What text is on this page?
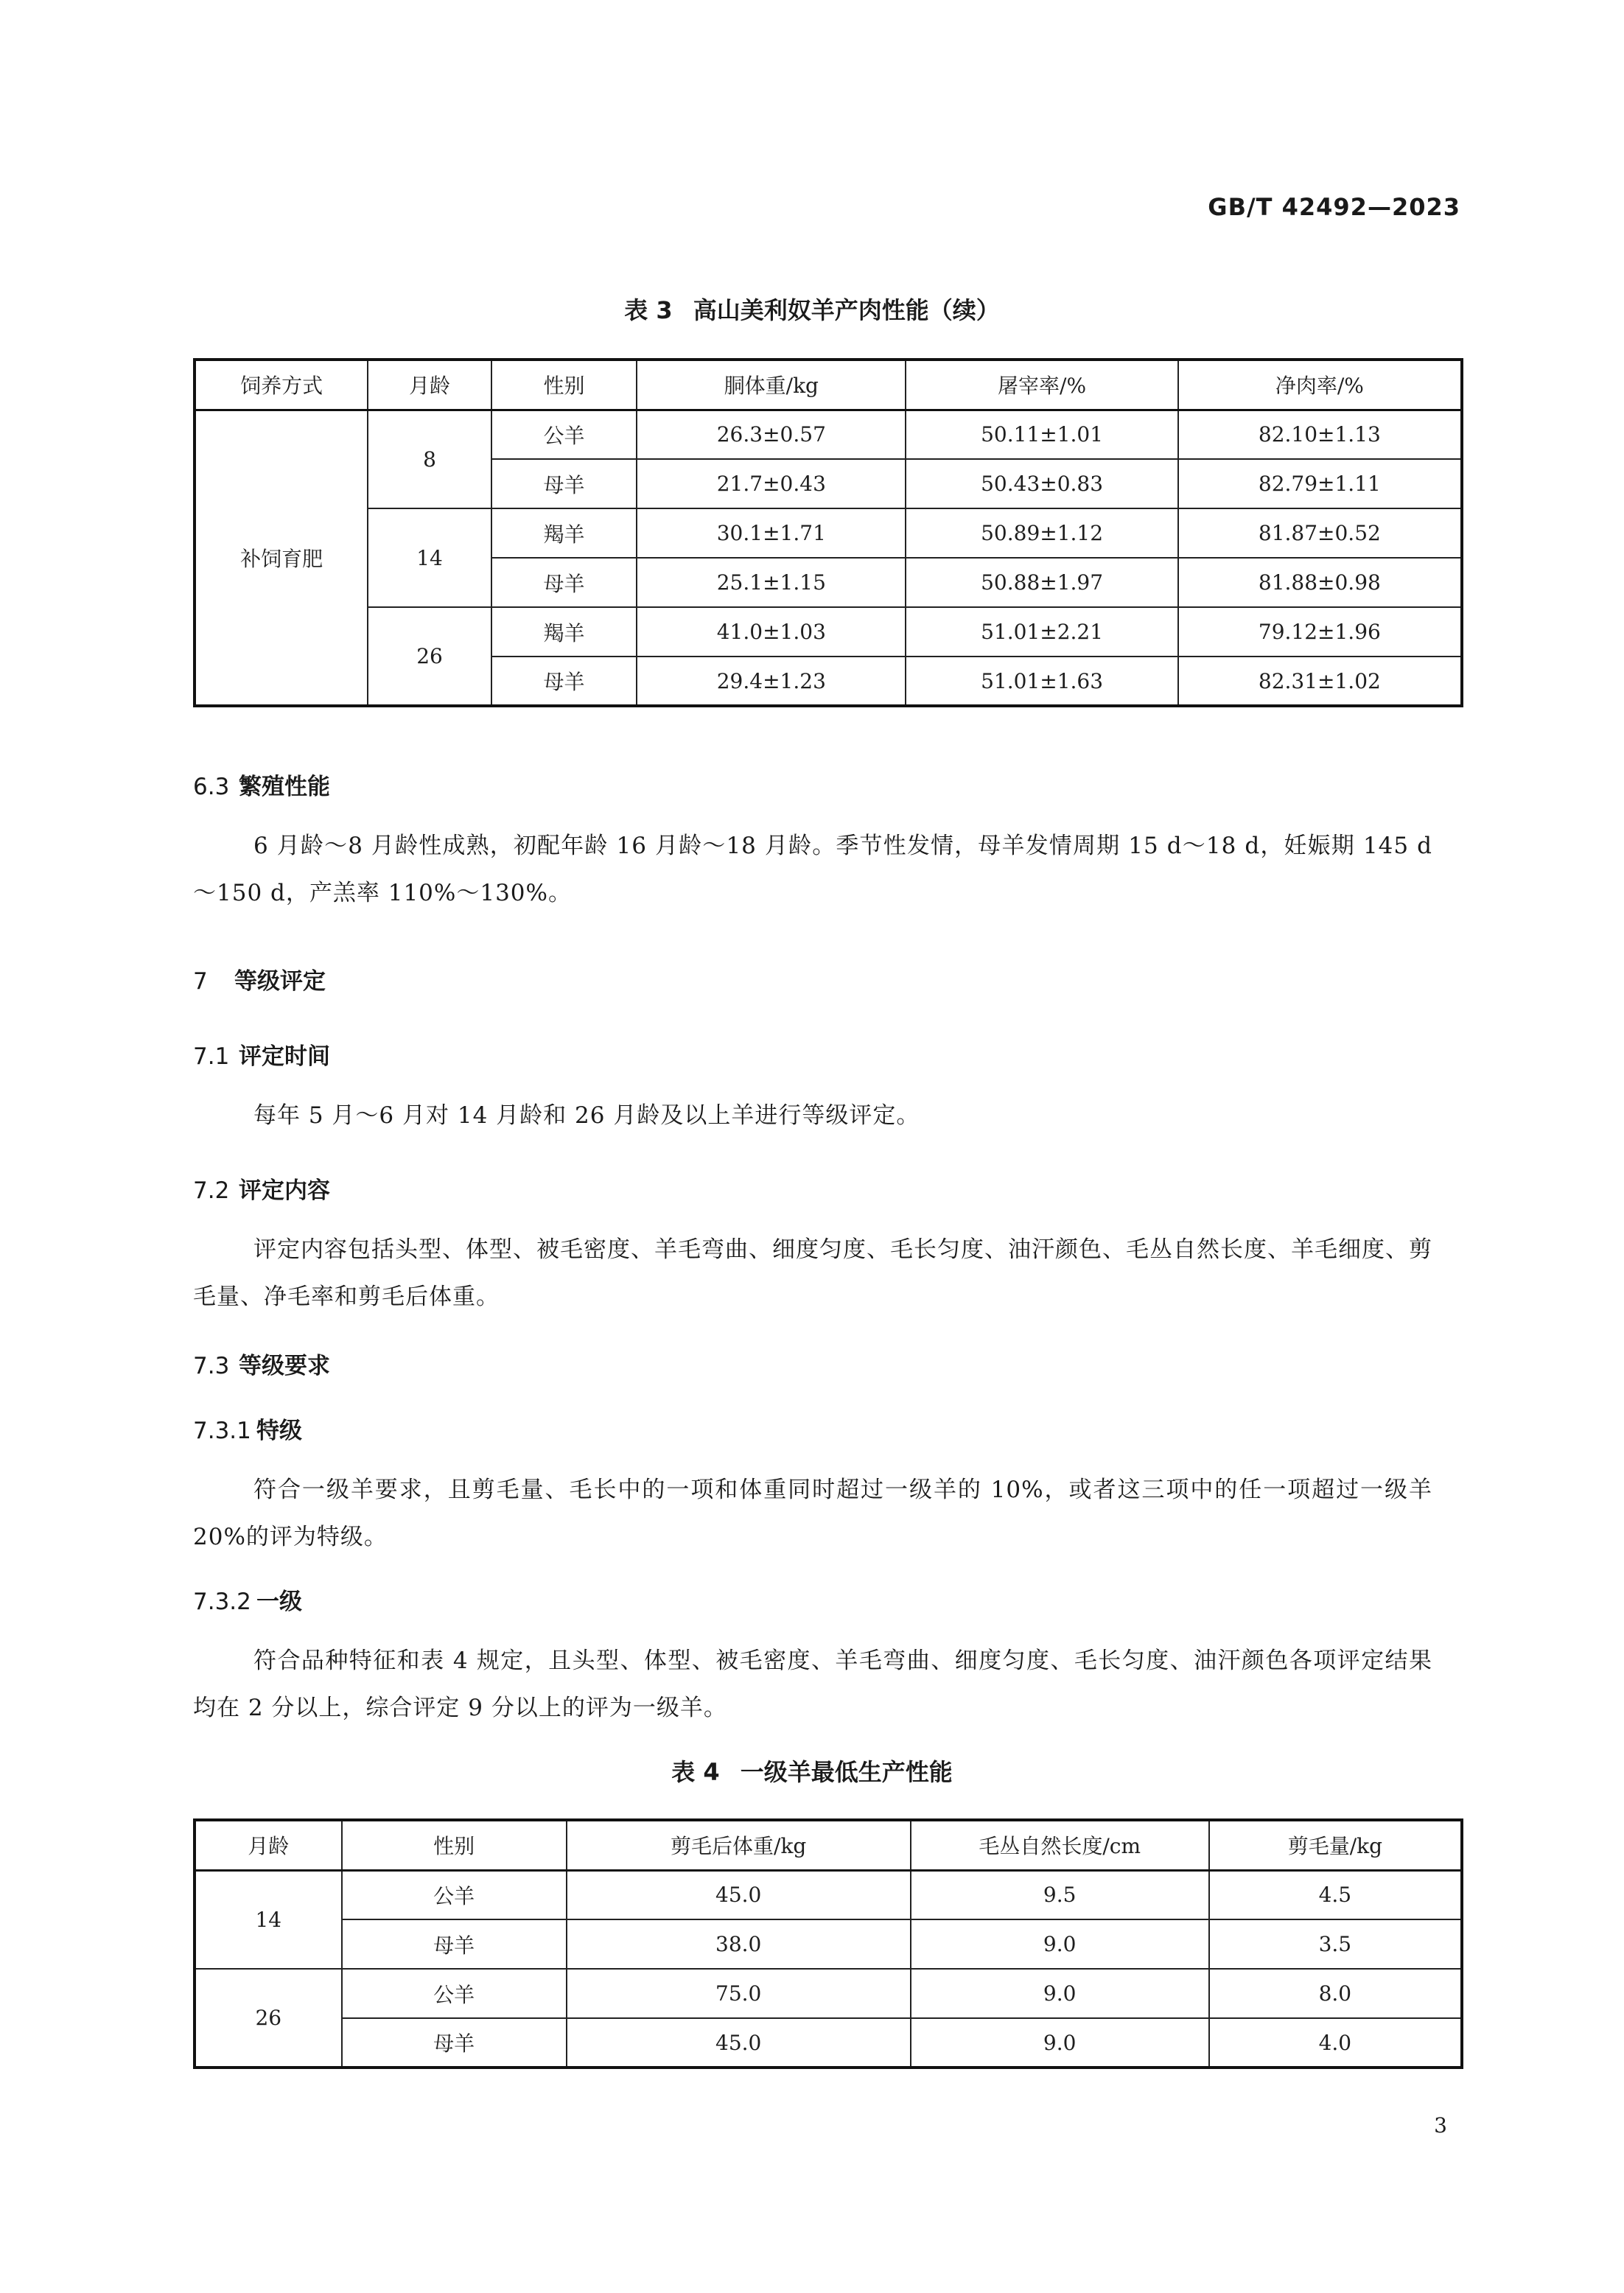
GB/T 42492—2023
表 3 高山美利奴羊产肉性能（续）
饲养方式	月龄	性别	胴体重/kg	屠宰率/%	净肉率/%
补饲育肥	8	公羊	26.3±0.57	50.11±1.01	82.10±1.13
		母羊	21.7±0.43	50.43±0.83	82.79±1.11
	14	羯羊	30.1±1.71	50.89±1.12	81.87±0.52
		母羊	25.1±1.15	50.88±1.97	81.88±0.98
	26	羯羊	41.0±1.03	51.01±2.21	79.12±1.96
		母羊	29.4±1.23	51.01±1.63	82.31±1.02
6.3 繁殖性能
6 月龄～8 月龄性成熟，初配年龄 16 月龄～18 月龄。季节性发情，母羊发情周期 15 d～18 d，妊娠期 145 d ～150 d，产羔率 110%～130%。
7 等级评定
7.1 评定时间
每年 5 月～6 月对 14 月龄和 26 月龄及以上羊进行等级评定。
7.2 评定内容
评定内容包括头型、体型、被毛密度、羊毛弯曲、细度匀度、毛长匀度、油汗颜色、毛丛自然长度、羊毛细度、剪毛量、净毛率和剪毛后体重。
7.3 等级要求
7.3.1 特级
符合一级羊要求，且剪毛量、毛长中的一项和体重同时超过一级羊的 10%，或者这三项中的任一项超过一级羊 20%的评为特级。
7.3.2 一级
符合品种特征和表 4 规定，且头型、体型、被毛密度、羊毛弯曲、细度匀度、毛长匀度、油汗颜色各项评定结果均在 2 分以上，综合评定 9 分以上的评为一级羊。
表 4 一级羊最低生产性能
月龄	性别	剪毛后体重/kg	毛丛自然长度/cm	剪毛量/kg
14	公羊	45.0	9.5	4.5
	母羊	38.0	9.0	3.5
26	公羊	75.0	9.0	8.0
	母羊	45.0	9.0	4.0
3
